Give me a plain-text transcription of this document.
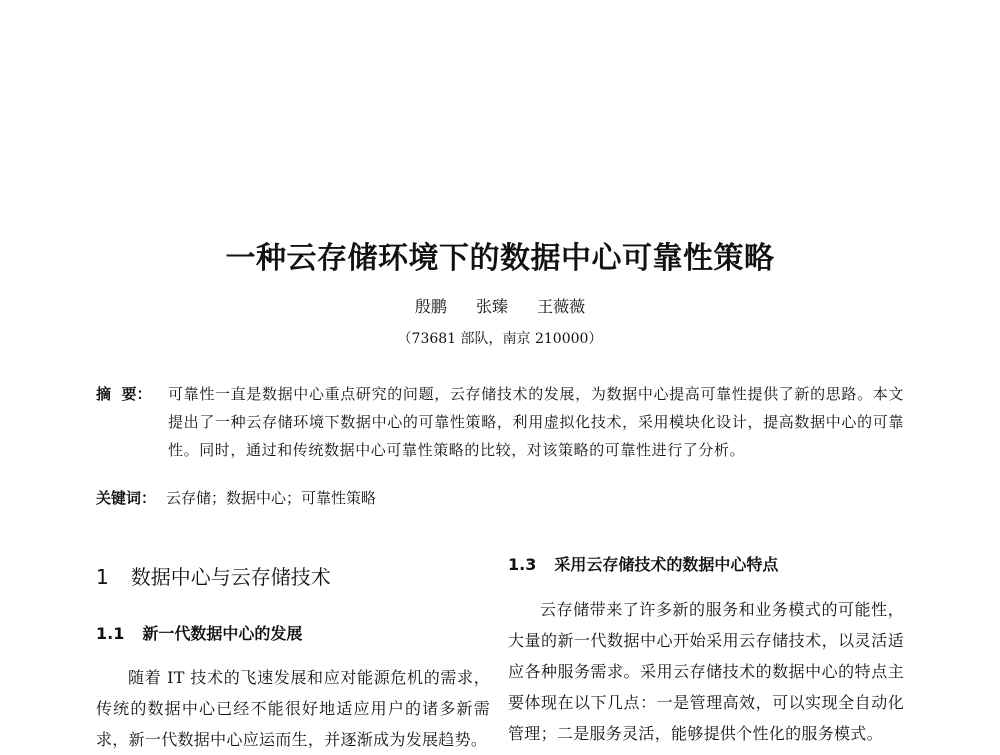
一种云存储环境下的数据中心可靠性策略
殷鹏 张臻 王薇薇
（73681 部队，南京 210000）
摘  要：	可靠性一直是数据中心重点研究的问题，云存储技术的发展，为数据中心提高可靠性提供了新的思路。本文提出了一种云存储环境下数据中心的可靠性策略，利用虚拟化技术，采用模块化设计，提高数据中心的可靠性。同时，通过和传统数据中心可靠性策略的比较，对该策略的可靠性进行了分析。
关键词： 云存储；数据中心；可靠性策略
1 数据中心与云存储技术
1.1 新一代数据中心的发展
随着 IT 技术的飞速发展和应对能源危机的需求，传统的数据中心已经不能很好地适应用户的诸多新需求，新一代数据中心应运而生，并逐渐成为发展趋势。
1.3 采用云存储技术的数据中心特点
云存储带来了许多新的服务和业务模式的可能性，大量的新一代数据中心开始采用云存储技术，以灵活适应各种服务需求。采用云存储技术的数据中心的特点主要体现在以下几点：一是管理高效，可以实现全自动化管理；二是服务灵活，能够提供个性化的服务模式。
